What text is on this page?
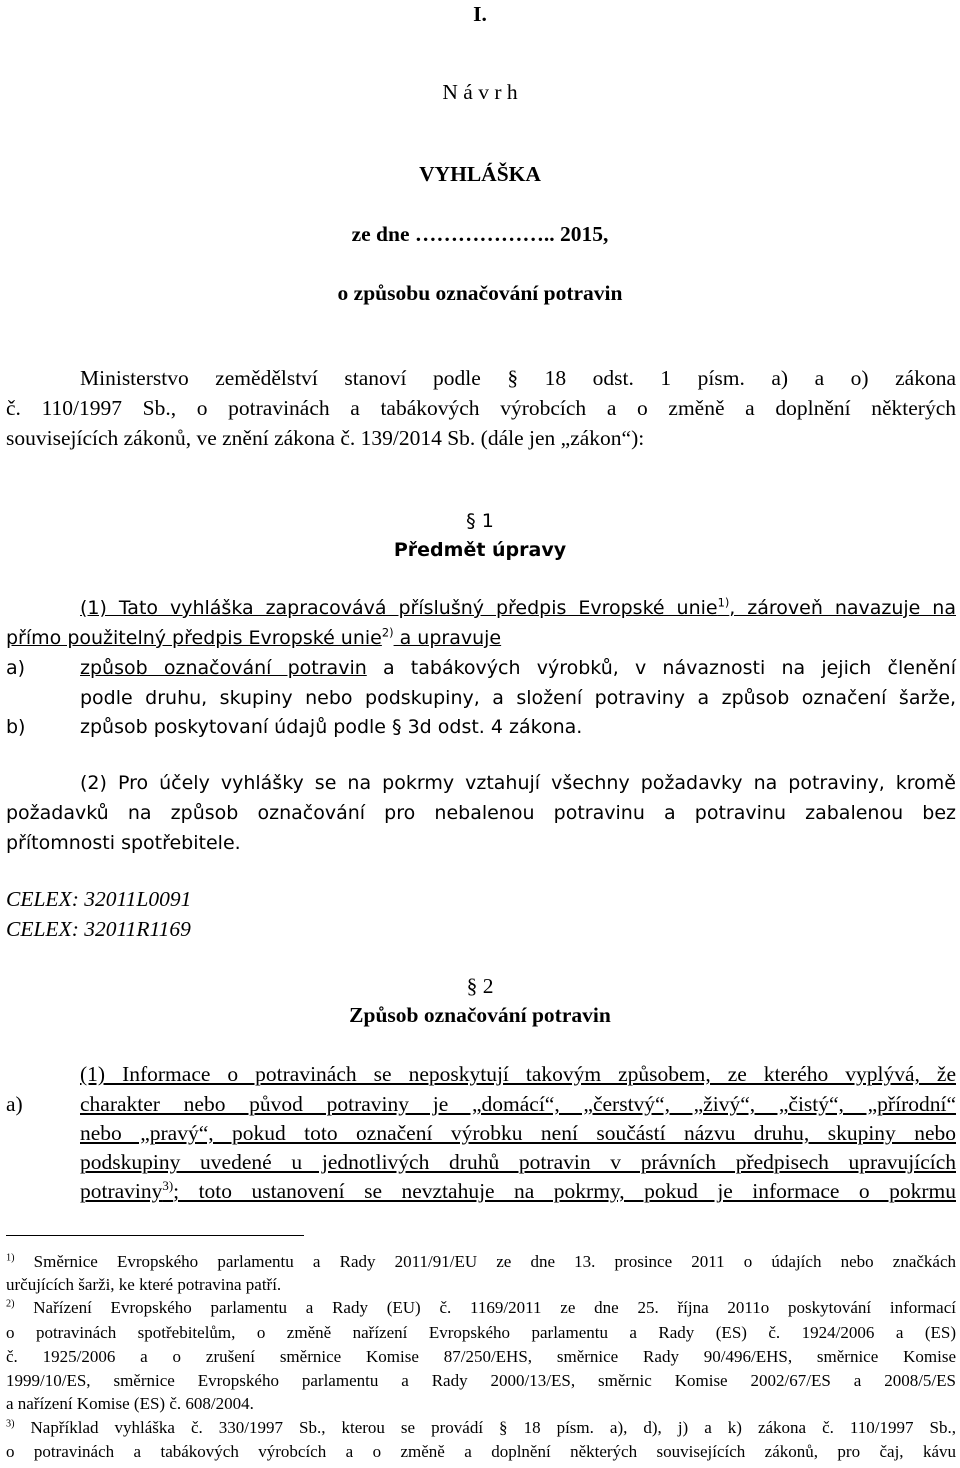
I.
N á v r h
VYHLÁŠKA
ze dne ……………….. 2015,
o způsobu označování potravin
Ministerstvo zemědělství stanoví podle § 18 odst. 1 písm. a) a o) zákona
č. 110/1997 Sb., o potravinách a tabákových výrobcích a o změně a doplnění některých
souvisejících zákonů, ve znění zákona č. 139/2014 Sb. (dále jen „zákon“):
§ 1
Předmět úpravy
(1) Tato vyhláška zapracovává příslušný předpis Evropské unie$^{1)}$, zároveň navazuje na
přímo použitelný předpis Evropské unie$^{2)}$ a upravuje
a)	způsob označování potravin a tabákových výrobků, v návaznosti na jejich členění
podle druhu, skupiny nebo podskupiny, a složení potraviny a způsob označení šarže,
b)	způsob poskytovaní údajů podle § 3d odst. 4 zákona.
(2) Pro účely vyhlášky se na pokrmy vztahují všechny požadavky na potraviny, kromě
požadavků na způsob označování pro nebalenou potravinu a potravinu zabalenou bez
přítomnosti spotřebitele.
CELEX: 32011L0091
CELEX: 32011R1169
§ 2
Způsob označování potravin
(1) Informace o potravinách se neposkytují takovým způsobem, ze kterého vyplývá, že
a)	charakter nebo původ potraviny je „domácí“, „čerstvý“, „živý“, „čistý“, „přírodní“
nebo „pravý“, pokud toto označení výrobku není součástí názvu druhu, skupiny nebo
podskupiny uvedené u jednotlivých druhů potravin v právních předpisech upravujících
potraviny$^{3)}$; toto ustanovení se nevztahuje na pokrmy, pokud je informace o pokrmu
$^{1)}$ Směrnice Evropského parlamentu a Rady 2011/91/EU ze dne 13. prosince 2011 o údajích nebo značkách
určujících šarži, ke které potravina patří.
$^{2)}$ Nařízení Evropského parlamentu a Rady (EU) č. 1169/2011 ze dne 25. října 2011o poskytování informací
o potravinách spotřebitelům, o změně nařízení Evropského parlamentu a Rady (ES) č. 1924/2006 a (ES)
č. 1925/2006 a o zrušení směrnice Komise 87/250/EHS, směrnice Rady 90/496/EHS, směrnice Komise
1999/10/ES, směrnice Evropského parlamentu a Rady 2000/13/ES, směrnic Komise 2002/67/ES a 2008/5/ES
a nařízení Komise (ES) č. 608/2004.
$^{3)}$ Například vyhláška č. 330/1997 Sb., kterou se provádí § 18 písm. a), d), j) a k) zákona č. 110/1997 Sb.,
o potravinách a tabákových výrobcích a o změně a doplnění některých souvisejících zákonů, pro čaj, kávu
